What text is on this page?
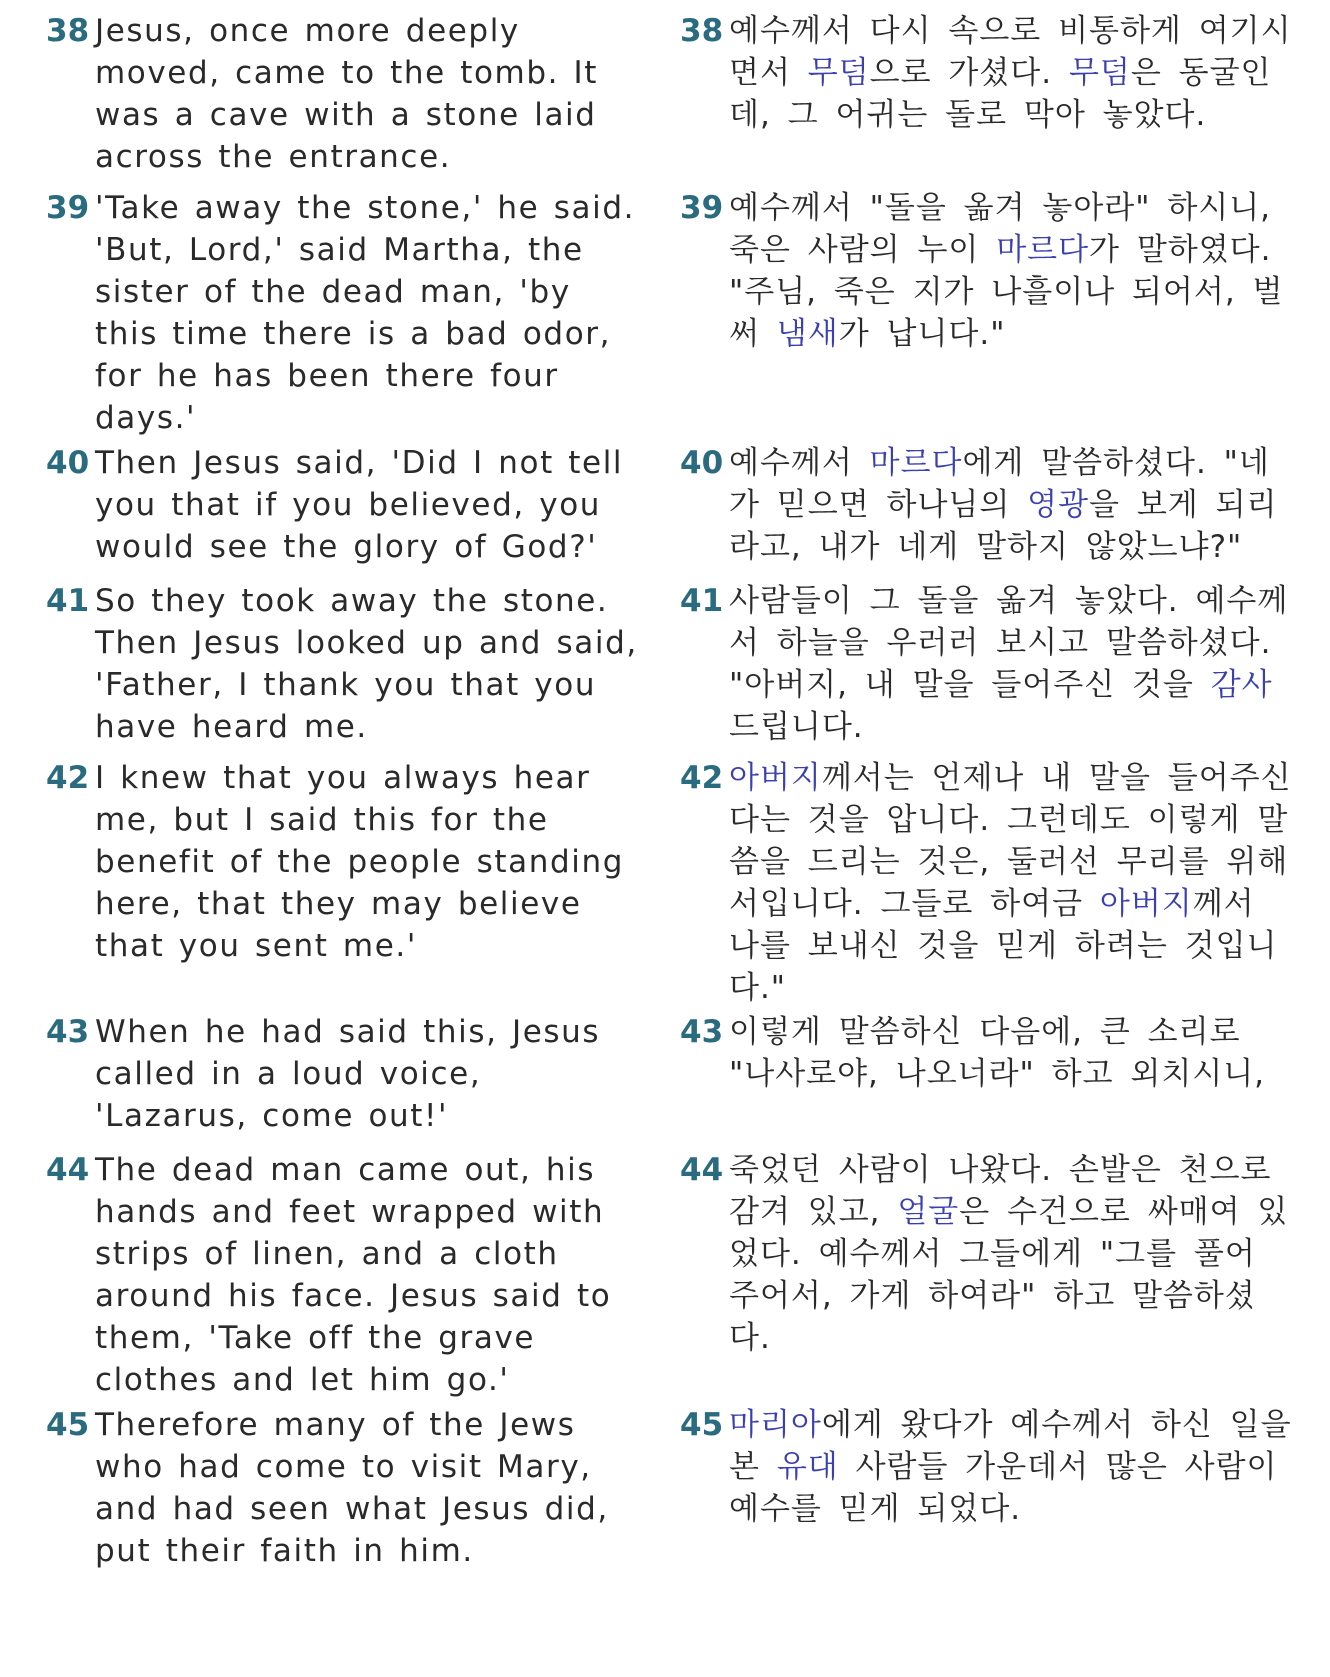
38 Jesus, once more deeply
moved, came to the tomb. It
was a cave with a stone laid
across the entrance.
39 'Take away the stone,' he said.
'But, Lord,' said Martha, the
sister of the dead man, 'by
this time there is a bad odor,
for he has been there four
days.'
40 Then Jesus said, 'Did I not tell
you that if you believed, you
would see the glory of God?'
41 So they took away the stone.
Then Jesus looked up and said,
'Father, I thank you that you
have heard me.
42 I knew that you always hear
me, but I said this for the
benefit of the people standing
here, that they may believe
that you sent me.'
43 When he had said this, Jesus
called in a loud voice,
'Lazarus, come out!'
44 The dead man came out, his
hands and feet wrapped with
strips of linen, and a cloth
around his face. Jesus said to
them, 'Take off the grave
clothes and let him go.'
45 Therefore many of the Jews
who had come to visit Mary,
and had seen what Jesus did,
put their faith in him.
38 예수께서 다시 속으로 비통하게 여기시
면서 무덤으로 가셨다. 무덤은 동굴인
데, 그 어귀는 돌로 막아 놓았다.
39 예수께서 "돌을 옮겨 놓아라" 하시니,
죽은 사람의 누이 마르다가 말하였다.
"주님, 죽은 지가 나흘이나 되어서, 벌
써 냄새가 납니다."
40 예수께서 마르다에게 말씀하셨다. "네
가 믿으면 하나님의 영광을 보게 되리
라고, 내가 네게 말하지 않았느냐?"
41 사람들이 그 돌을 옮겨 놓았다. 예수께
서 하늘을 우러러 보시고 말씀하셨다.
"아버지, 내 말을 들어주신 것을 감사
드립니다.
42 아버지께서는 언제나 내 말을 들어주신
다는 것을 압니다. 그런데도 이렇게 말
씀을 드리는 것은, 둘러선 무리를 위해
서입니다. 그들로 하여금 아버지께서
나를 보내신 것을 믿게 하려는 것입니
다."
43 이렇게 말씀하신 다음에, 큰 소리로
"나사로야, 나오너라" 하고 외치시니,
44 죽었던 사람이 나왔다. 손발은 천으로
감겨 있고, 얼굴은 수건으로 싸매여 있
었다. 예수께서 그들에게 "그를 풀어
주어서, 가게 하여라" 하고 말씀하셨
다.
45 마리아에게 왔다가 예수께서 하신 일을
본 유대 사람들 가운데서 많은 사람이
예수를 믿게 되었다.
